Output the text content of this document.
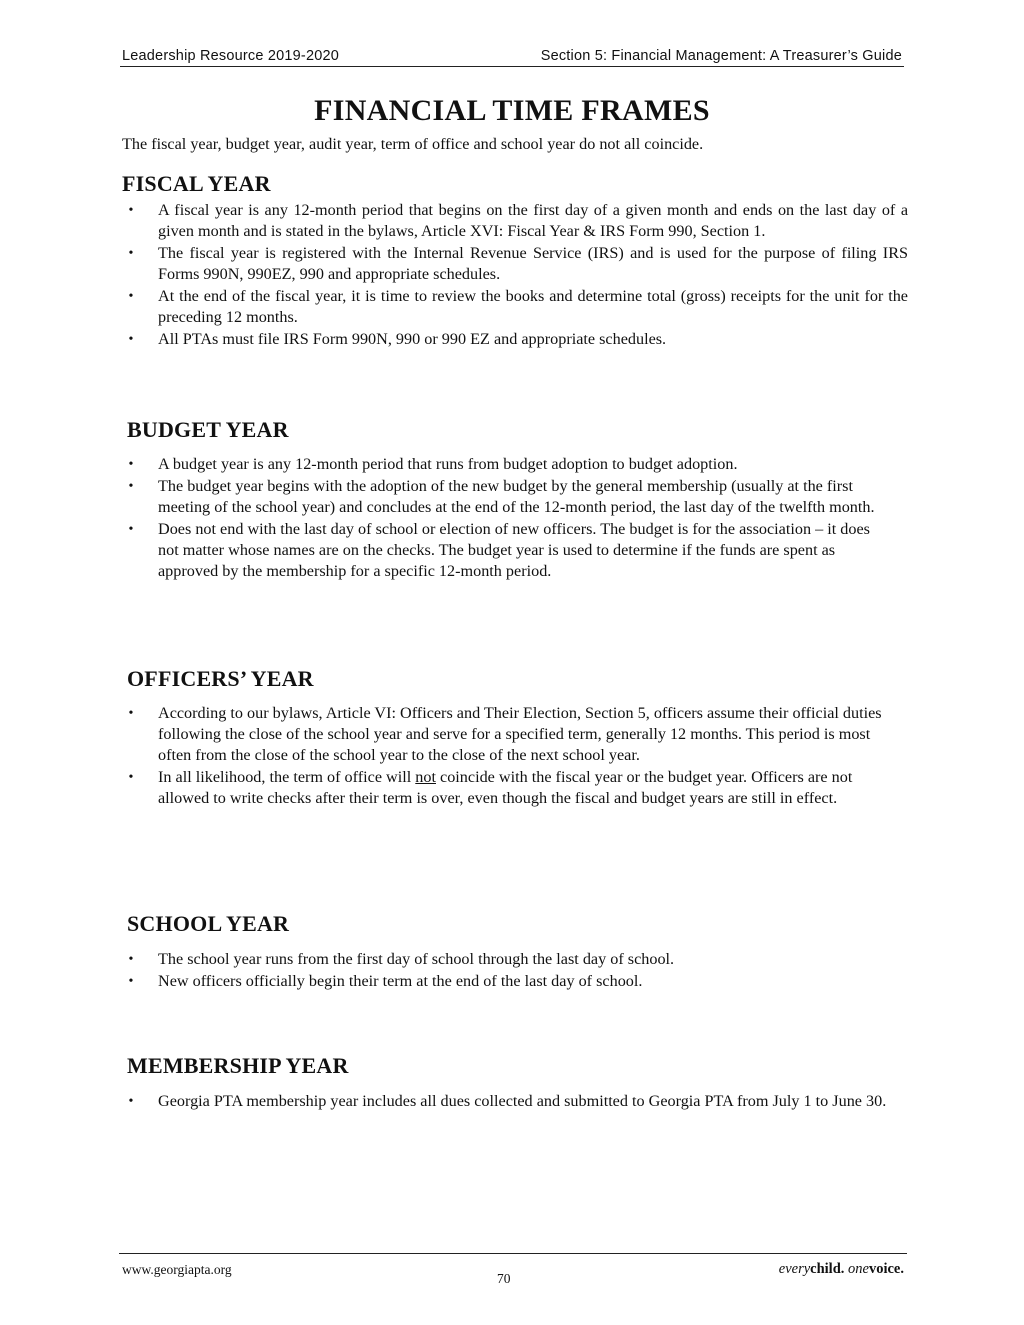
Leadership Resource 2019-2020	Section 5: Financial Management: A Treasurer’s Guide
FINANCIAL TIME FRAMES

The fiscal year, budget year, audit year, term of office and school year do not all coincide.

FISCAL YEAR
• A fiscal year is any 12-month period that begins on the first day of a given month and ends on the last day of a given month and is stated in the bylaws, Article XVI: Fiscal Year & IRS Form 990, Section 1.
• The fiscal year is registered with the Internal Revenue Service (IRS) and is used for the purpose of filing IRS Forms 990N, 990EZ, 990 and appropriate schedules.
• At the end of the fiscal year, it is time to review the books and determine total (gross) receipts for the unit for the preceding 12 months.
• All PTAs must file IRS Form 990N, 990 or 990 EZ and appropriate schedules.
BUDGET YEAR
• A budget year is any 12-month period that runs from budget adoption to budget adoption.
• The budget year begins with the adoption of the new budget by the general membership (usually at the first meeting of the school year) and concludes at the end of the 12-month period, the last day of the twelfth month.
• Does not end with the last day of school or election of new officers. The budget is for the association – it does not matter whose names are on the checks. The budget year is used to determine if the funds are spent as approved by the membership for a specific 12-month period.
OFFICERS’ YEAR
• According to our bylaws, Article VI: Officers and Their Election, Section 5, officers assume their official duties following the close of the school year and serve for a specified term, generally 12 months. This period is most often from the close of the school year to the close of the next school year.
• In all likelihood, the term of office will not coincide with the fiscal year or the budget year. Officers are not allowed to write checks after their term is over, even though the fiscal and budget years are still in effect.
SCHOOL YEAR
• The school year runs from the first day of school through the last day of school.
• New officers officially begin their term at the end of the last day of school.
MEMBERSHIP YEAR
• Georgia PTA membership year includes all dues collected and submitted to Georgia PTA from July 1 to June 30.
www.georgiapta.org
70
everychild. onevoice.
